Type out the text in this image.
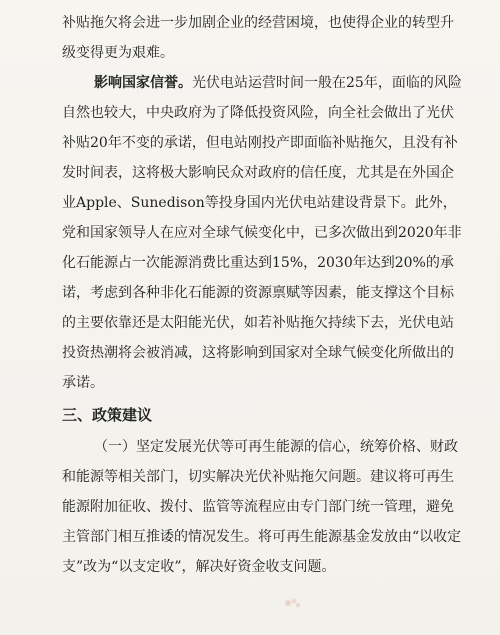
补贴拖欠将会进一步加剧企业的经营困境，也使得企业的转型升级变得更为艰难。

影响国家信誉。光伏电站运营时间一般在25年，面临的风险自然也较大，中央政府为了降低投资风险，向全社会做出了光伏补贴20年不变的承诺，但电站刚投产即面临补贴拖欠，且没有补发时间表，这将极大影响民众对政府的信任度，尤其是在外国企业Apple、Sunedison等投身国内光伏电站建设背景下。此外，党和国家领导人在应对全球气候变化中，已多次做出到2020年非化石能源占一次能源消费比重达到15%，2030年达到20%的承诺，考虑到各种非化石能源的资源禀赋等因素，能支撑这个目标的主要依靠还是太阳能光伏，如若补贴拖欠持续下去，光伏电站投资热潮将会被消减，这将影响到国家对全球气候变化所做出的承诺。

三、政策建议

（一）坚定发展光伏等可再生能源的信心，统筹价格、财政和能源等相关部门，切实解决光伏补贴拖欠问题。建议将可再生能源附加征收、拨付、监管等流程应由专门部门统一管理，避免主管部门相互推诿的情况发生。将可再生能源基金发放由“以收定支”改为“以支定收”，解决好资金收支问题。
